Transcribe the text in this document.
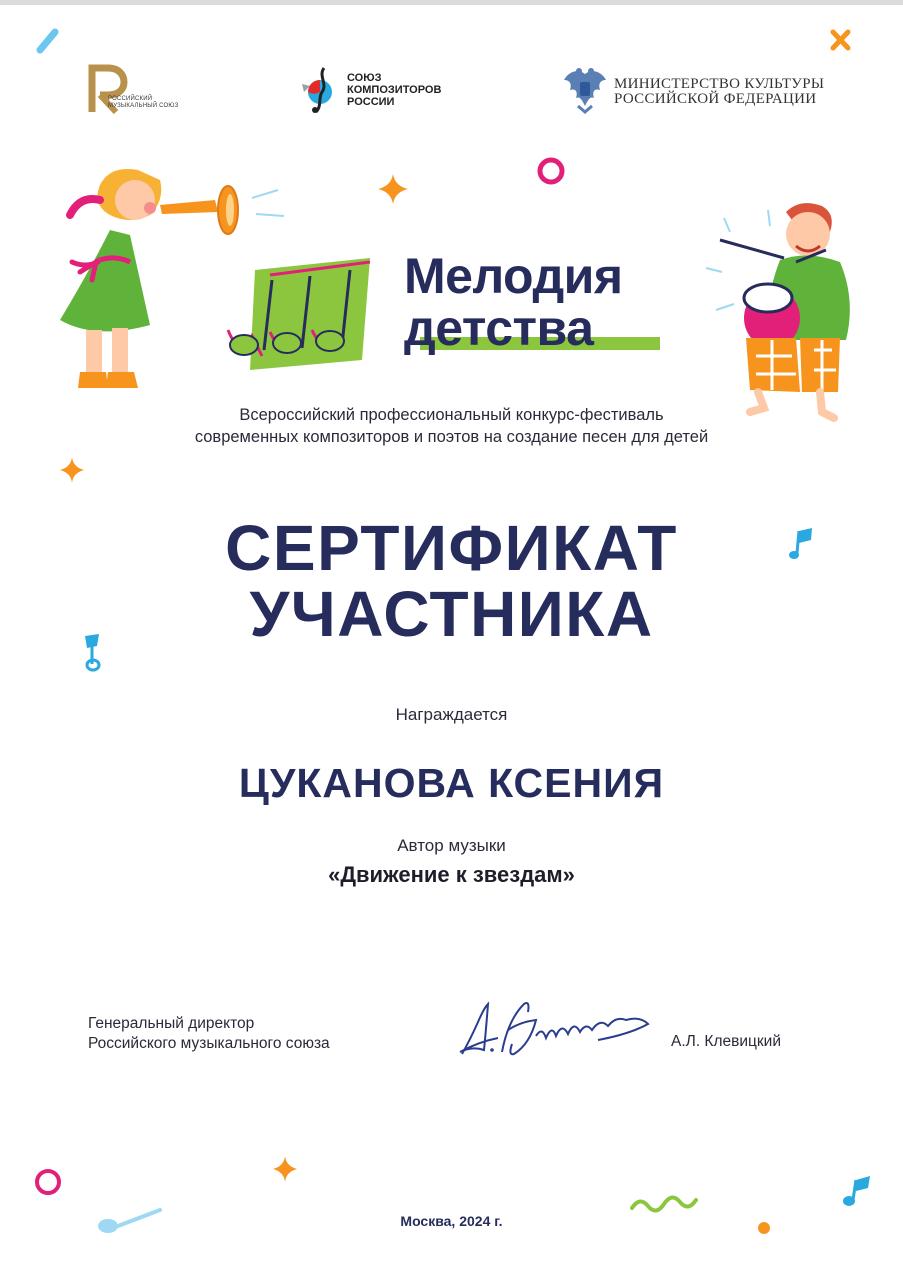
РОССИЙСКИЙ
МУЗЫКАЛЬНЫЙ СОЮЗ
СОЮЗ
КОМПОЗИТОРОВ
РОССИИ
МИНИСТЕРСТВО КУЛЬТУРЫ
РОССИЙСКОЙ ФЕДЕРАЦИИ
Мелодия
детства
Всероссийский профессиональный конкурс-фестиваль
современных композиторов и поэтов на создание песен для детей
СЕРТИФИКАТ
УЧАСТНИКА
Награждается
ЦУКАНОВА КСЕНИЯ
Автор музыки
«Движение к звездам»
Генеральный директор
Российского музыкального союза	А.Л. Клевицкий
Москва, 2024 г.
